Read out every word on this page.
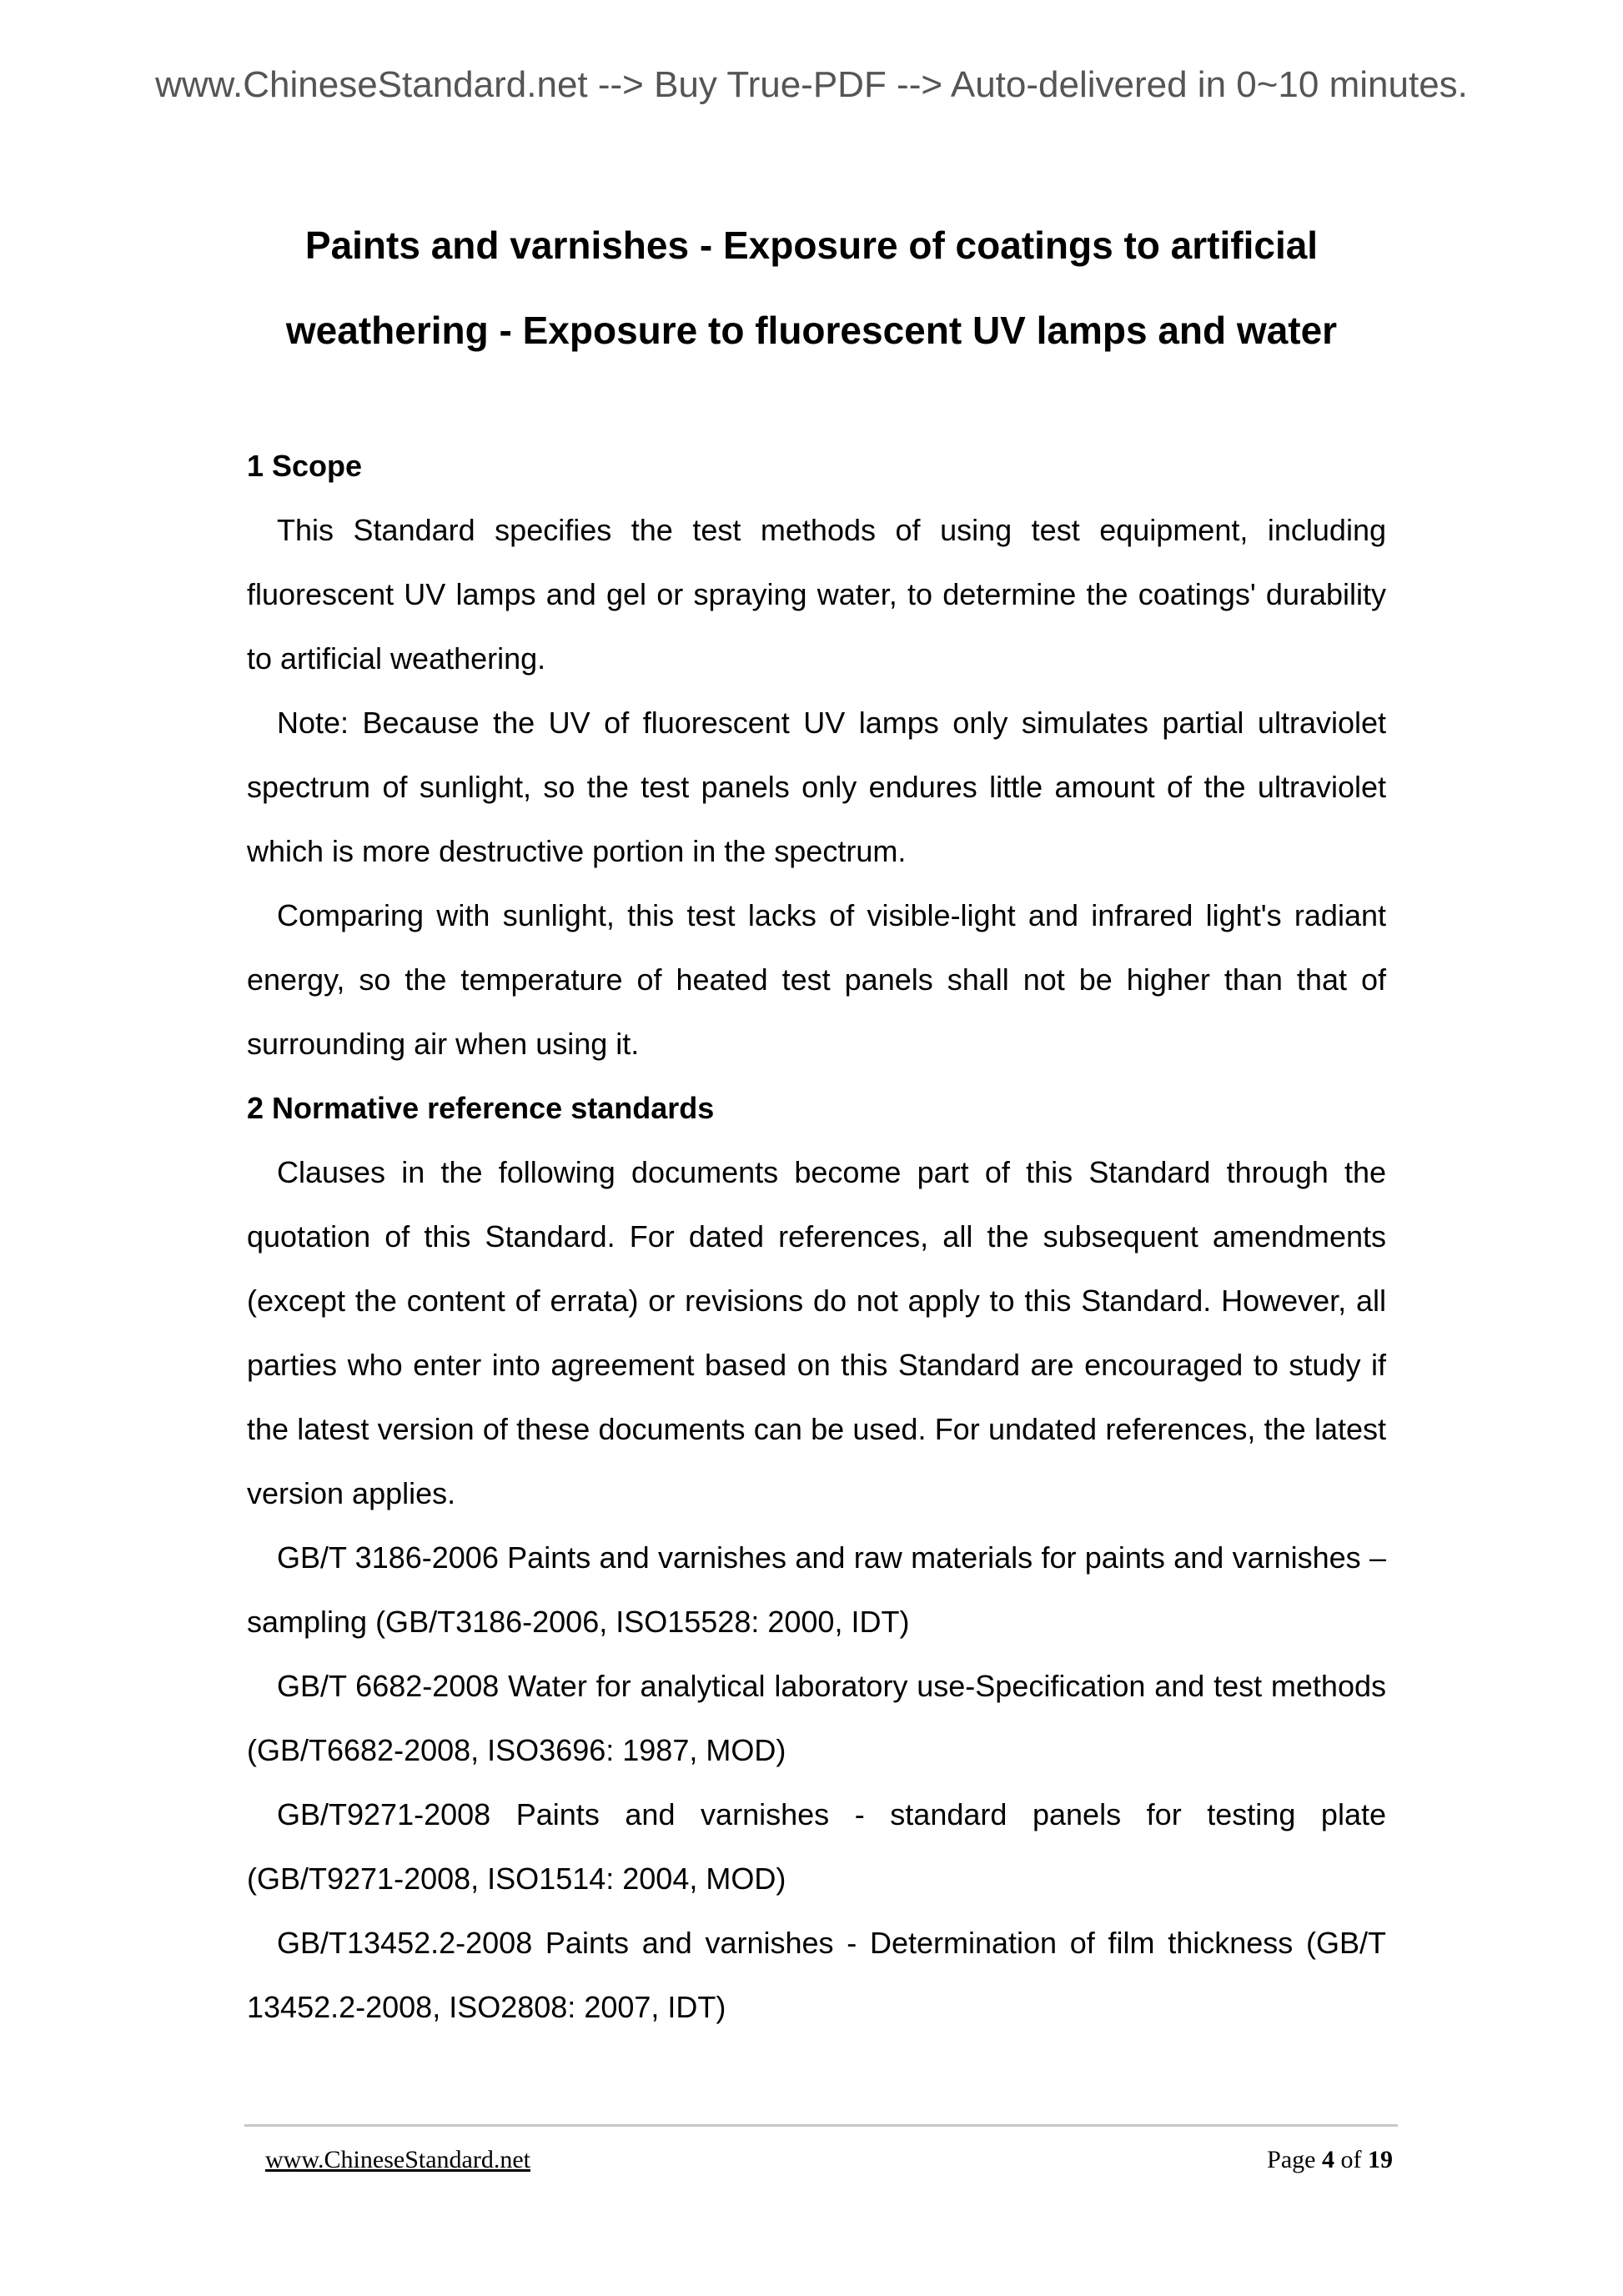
www.ChineseStandard.net --> Buy True-PDF --> Auto-delivered in 0~10 minutes.
Paints and varnishes - Exposure of coatings to artificial
weathering - Exposure to fluorescent UV lamps and water

1 Scope

This Standard specifies the test methods of using test equipment, including fluorescent UV lamps and gel or spraying water, to determine the coatings' durability to artificial weathering.

Note: Because the UV of fluorescent UV lamps only simulates partial ultraviolet spectrum of sunlight, so the test panels only endures little amount of the ultraviolet which is more destructive portion in the spectrum.

Comparing with sunlight, this test lacks of visible-light and infrared light's radiant energy, so the temperature of heated test panels shall not be higher than that of surrounding air when using it.

2 Normative reference standards

Clauses in the following documents become part of this Standard through the quotation of this Standard. For dated references, all the subsequent amendments (except the content of errata) or revisions do not apply to this Standard. However, all parties who enter into agreement based on this Standard are encouraged to study if the latest version of these documents can be used. For undated references, the latest version applies.

GB/T 3186-2006 Paints and varnishes and raw materials for paints and varnishes – sampling (GB/T3186-2006, ISO15528: 2000, IDT)

GB/T 6682-2008 Water for analytical laboratory use-Specification and test methods (GB/T6682-2008, ISO3696: 1987, MOD)

GB/T9271-2008 Paints and varnishes - standard panels for testing plate (GB/T9271-2008, ISO1514: 2004, MOD)

GB/T13452.2-2008 Paints and varnishes - Determination of film thickness (GB/T 13452.2-2008, ISO2808: 2007, IDT)

www.ChineseStandard.net	Page 4 of 19
